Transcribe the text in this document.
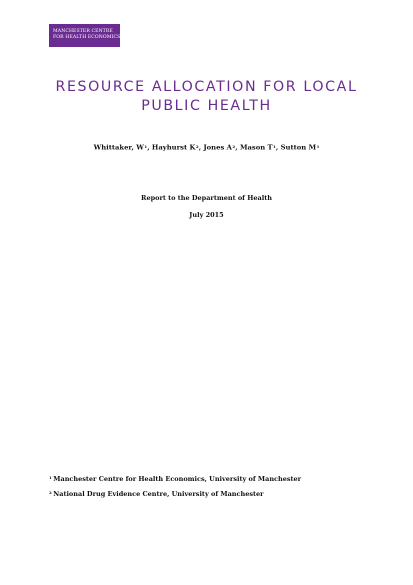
MANCHESTER CENTRE
FOR HEALTH ECONOMICS
RESOURCE ALLOCATION FOR LOCAL
PUBLIC HEALTH
Whittaker, $W^1$, Hayhurst $K^2$, Jones $A^2$, Mason $T^1$, Sutton $M^1$
Report to the Department of Health
July 2015
$^1$ Manchester Centre for Health Economics, University of Manchester
$^2$ National Drug Evidence Centre, University of Manchester
